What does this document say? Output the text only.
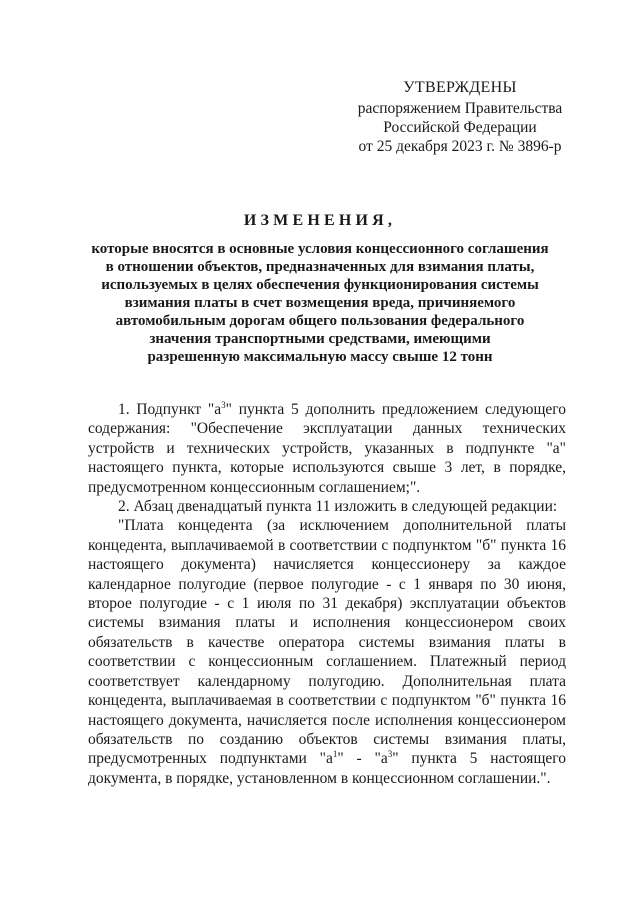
УТВЕРЖДЕНЫ
распоряжением Правительства
Российской Федерации
от 25 декабря 2023 г. № 3896-р
ИЗМЕНЕНИЯ,
которые вносятся в основные условия концессионного соглашения
в отношении объектов, предназначенных для взимания платы,
используемых в целях обеспечения функционирования системы
взимания платы в счет возмещения вреда, причиняемого
автомобильным дорогам общего пользования федерального
значения транспортными средствами, имеющими
разрешенную максимальную массу свыше 12 тонн

1. Подпункт "$а^3$" пункта 5 дополнить предложением следующего содержания: "Обеспечение эксплуатации данных технических устройств и технических устройств, указанных в подпункте "а" настоящего пункта, которые используются свыше 3 лет, в порядке, предусмотренном концессионным соглашением;".

2. Абзац двенадцатый пункта 11 изложить в следующей редакции:

"Плата концедента (за исключением дополнительной платы концедента, выплачиваемой в соответствии с подпунктом "б" пункта 16 настоящего документа) начисляется концессионеру за каждое календарное полугодие (первое полугодие - с 1 января по 30 июня, второе полугодие - с 1 июля по 31 декабря) эксплуатации объектов системы взимания платы и исполнения концессионером своих обязательств в качестве оператора системы взимания платы в соответствии с концессионным соглашением. Платежный период соответствует календарному полугодию. Дополнительная плата концедента, выплачиваемая в соответствии с подпунктом "б" пункта 16 настоящего документа, начисляется после исполнения концессионером обязательств по созданию объектов системы взимания платы, предусмотренных подпунктами "$а^1$" - "$а^3$" пункта 5 настоящего документа, в порядке, установленном в концессионном соглашении.".
